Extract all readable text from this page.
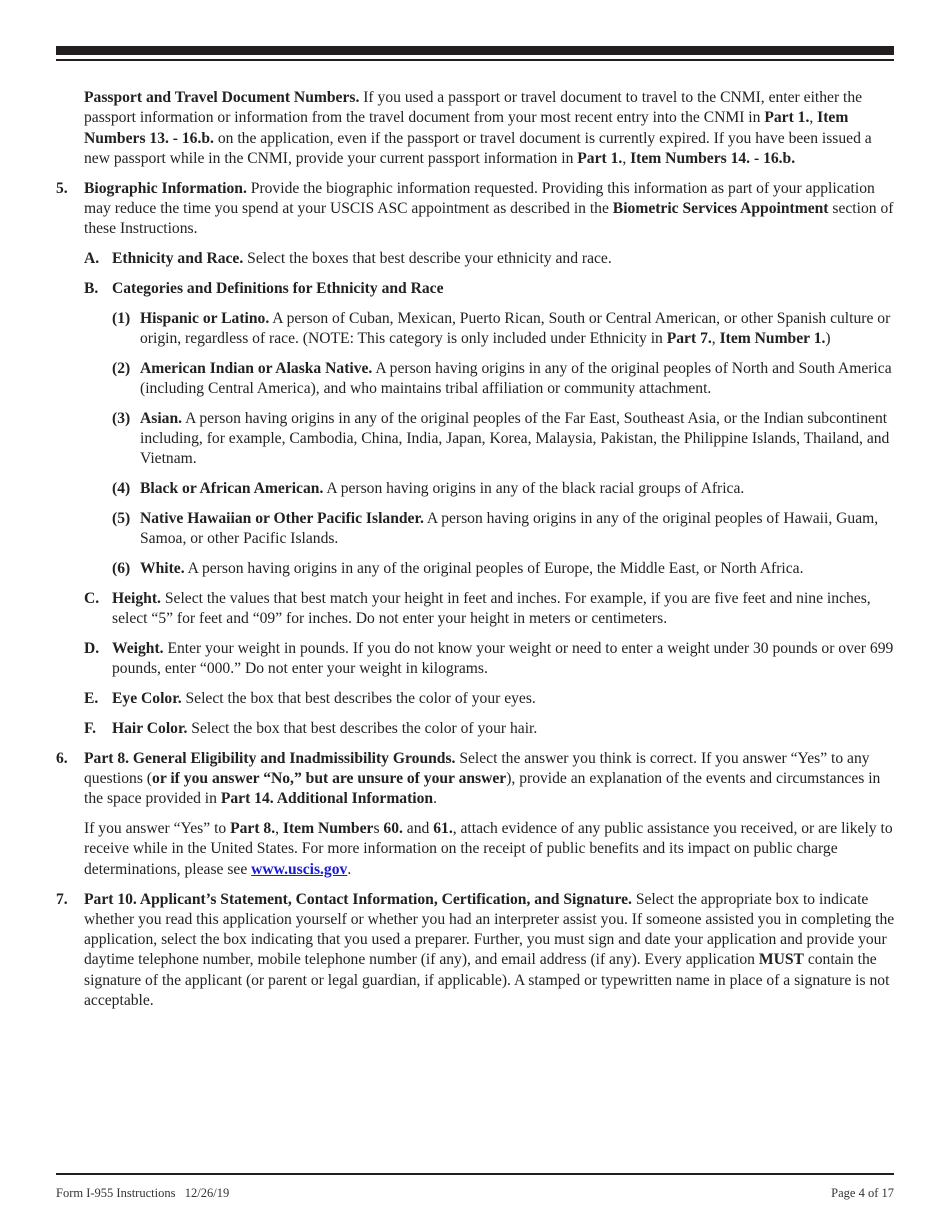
Passport and Travel Document Numbers. If you used a passport or travel document to travel to the CNMI, enter either the passport information or information from the travel document from your most recent entry into the CNMI in Part 1., Item Numbers 13. - 16.b. on the application, even if the passport or travel document is currently expired. If you have been issued a new passport while in the CNMI, provide your current passport information in Part 1., Item Numbers 14. - 16.b.
5. Biographic Information. Provide the biographic information requested. Providing this information as part of your application may reduce the time you spend at your USCIS ASC appointment as described in the Biometric Services Appointment section of these Instructions.
A. Ethnicity and Race. Select the boxes that best describe your ethnicity and race.
B. Categories and Definitions for Ethnicity and Race
(1) Hispanic or Latino. A person of Cuban, Mexican, Puerto Rican, South or Central American, or other Spanish culture or origin, regardless of race. (NOTE: This category is only included under Ethnicity in Part 7., Item Number 1.)
(2) American Indian or Alaska Native. A person having origins in any of the original peoples of North and South America (including Central America), and who maintains tribal affiliation or community attachment.
(3) Asian. A person having origins in any of the original peoples of the Far East, Southeast Asia, or the Indian subcontinent including, for example, Cambodia, China, India, Japan, Korea, Malaysia, Pakistan, the Philippine Islands, Thailand, and Vietnam.
(4) Black or African American. A person having origins in any of the black racial groups of Africa.
(5) Native Hawaiian or Other Pacific Islander. A person having origins in any of the original peoples of Hawaii, Guam, Samoa, or other Pacific Islands.
(6) White. A person having origins in any of the original peoples of Europe, the Middle East, or North Africa.
C. Height. Select the values that best match your height in feet and inches. For example, if you are five feet and nine inches, select “5” for feet and “09” for inches. Do not enter your height in meters or centimeters.
D. Weight. Enter your weight in pounds. If you do not know your weight or need to enter a weight under 30 pounds or over 699 pounds, enter “000.” Do not enter your weight in kilograms.
E. Eye Color. Select the box that best describes the color of your eyes.
F. Hair Color. Select the box that best describes the color of your hair.
6. Part 8. General Eligibility and Inadmissibility Grounds. Select the answer you think is correct. If you answer “Yes” to any questions (or if you answer “No,” but are unsure of your answer), provide an explanation of the events and circumstances in the space provided in Part 14. Additional Information.
If you answer “Yes” to Part 8., Item Numbers 60. and 61., attach evidence of any public assistance you received, or are likely to receive while in the United States. For more information on the receipt of public benefits and its impact on public charge determinations, please see www.uscis.gov.
7. Part 10. Applicant’s Statement, Contact Information, Certification, and Signature. Select the appropriate box to indicate whether you read this application yourself or whether you had an interpreter assist you. If someone assisted you in completing the application, select the box indicating that you used a preparer. Further, you must sign and date your application and provide your daytime telephone number, mobile telephone number (if any), and email address (if any). Every application MUST contain the signature of the applicant (or parent or legal guardian, if applicable). A stamped or typewritten name in place of a signature is not acceptable.
Form I-955 Instructions   12/26/19	Page 4 of 17
